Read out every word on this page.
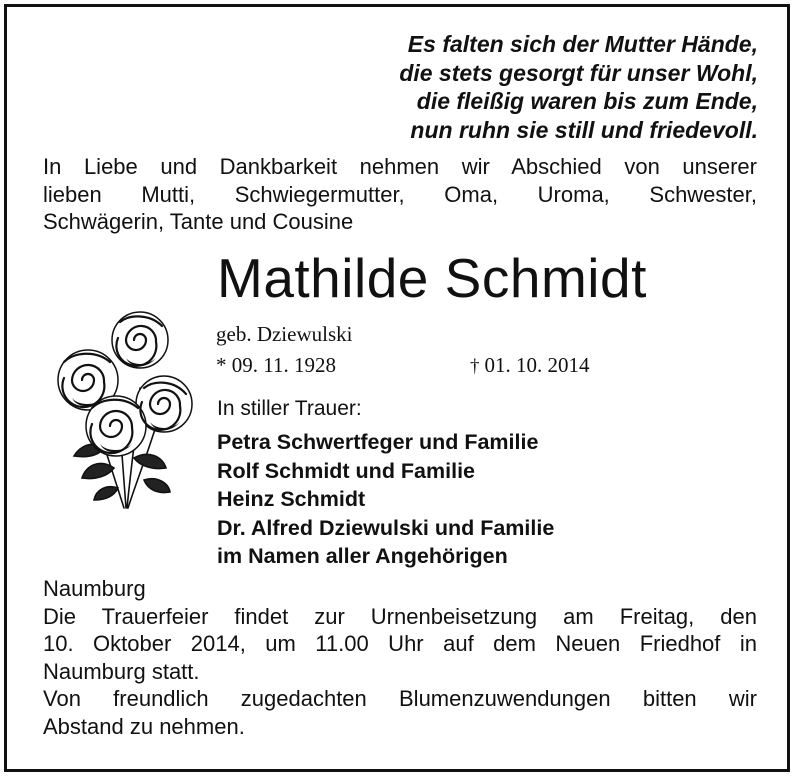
Es falten sich der Mutter Hände,
die stets gesorgt für unser Wohl,
die fleißig waren bis zum Ende,
nun ruhn sie still und friedevoll.
In Liebe und Dankbarkeit nehmen wir Abschied von unserer
lieben Mutti, Schwiegermutter, Oma, Uroma, Schwester,
Schwägerin, Tante und Cousine
Mathilde Schmidt
geb. Dziewulski
* 09. 11. 1928	† 01. 10. 2014
In stiller Trauer:
Petra Schwertfeger und Familie
Rolf Schmidt und Familie
Heinz Schmidt
Dr. Alfred Dziewulski und Familie
im Namen aller Angehörigen
Naumburg
Die Trauerfeier findet zur Urnenbeisetzung am Freitag, den
10. Oktober 2014, um 11.00 Uhr auf dem Neuen Friedhof in
Naumburg statt.
Von freundlich zugedachten Blumenzuwendungen bitten wir
Abstand zu nehmen.
